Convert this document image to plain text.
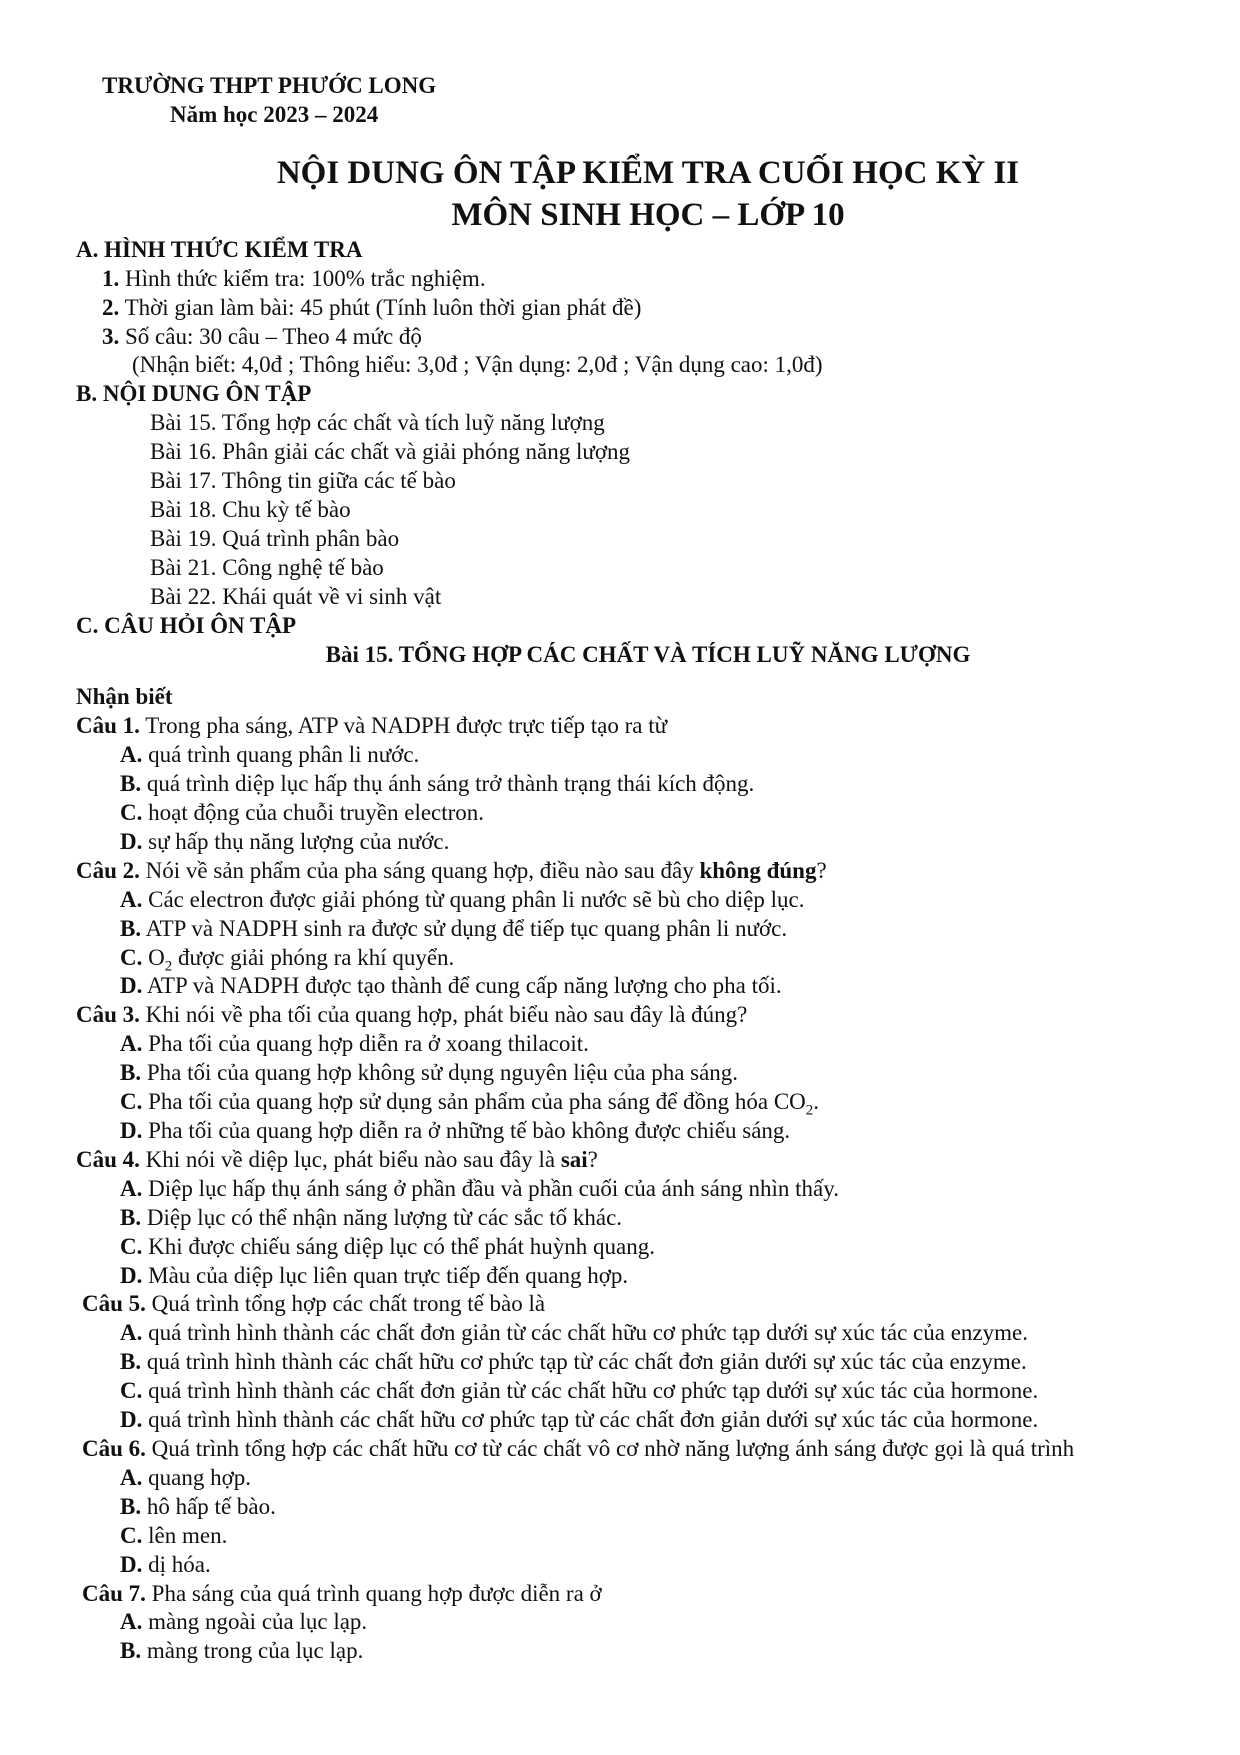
TRƯỜNG THPT PHƯỚC LONG
Năm học 2023 – 2024
NỘI DUNG ÔN TẬP KIỂM TRA CUỐI HỌC KỲ II
MÔN SINH HỌC – LỚP 10
A. HÌNH THỨC KIỂM TRA
1. Hình thức kiểm tra: 100% trắc nghiệm.
2. Thời gian làm bài: 45 phút (Tính luôn thời gian phát đề)
3. Số câu: 30 câu – Theo 4 mức độ
(Nhận biết: 4,0đ ; Thông hiểu: 3,0đ ; Vận dụng: 2,0đ ; Vận dụng cao: 1,0đ)
B. NỘI DUNG ÔN TẬP
Bài 15. Tổng hợp các chất và tích luỹ năng lượng
Bài 16. Phân giải các chất và giải phóng năng lượng
Bài 17. Thông tin giữa các tế bào
Bài 18. Chu kỳ tế bào
Bài 19. Quá trình phân bào
Bài 21. Công nghệ tế bào
Bài 22. Khái quát về vi sinh vật
C. CÂU HỎI ÔN TẬP
Bài 15. TỔNG HỢP CÁC CHẤT VÀ TÍCH LUỸ NĂNG LƯỢNG
Nhận biết
Câu 1. Trong pha sáng, ATP và NADPH được trực tiếp tạo ra từ
A. quá trình quang phân li nước.
B. quá trình diệp lục hấp thụ ánh sáng trở thành trạng thái kích động.
C. hoạt động của chuỗi truyền electron.
D. sự hấp thụ năng lượng của nước.
Câu 2. Nói về sản phẩm của pha sáng quang hợp, điều nào sau đây không đúng?
A. Các electron được giải phóng từ quang phân li nước sẽ bù cho diệp lục.
B. ATP và NADPH sinh ra được sử dụng để tiếp tục quang phân li nước.
C. $O_2$ được giải phóng ra khí quyển.
D. ATP và NADPH được tạo thành để cung cấp năng lượng cho pha tối.
Câu 3. Khi nói về pha tối của quang hợp, phát biểu nào sau đây là đúng?
A. Pha tối của quang hợp diễn ra ở xoang thilacoit.
B. Pha tối của quang hợp không sử dụng nguyên liệu của pha sáng.
C. Pha tối của quang hợp sử dụng sản phẩm của pha sáng để đồng hóa $CO_2$.
D. Pha tối của quang hợp diễn ra ở những tế bào không được chiếu sáng.
Câu 4. Khi nói về diệp lục, phát biểu nào sau đây là sai?
A. Diệp lục hấp thụ ánh sáng ở phần đầu và phần cuối của ánh sáng nhìn thấy.
B. Diệp lục có thể nhận năng lượng từ các sắc tố khác.
C. Khi được chiếu sáng diệp lục có thể phát huỳnh quang.
D. Màu của diệp lục liên quan trực tiếp đến quang hợp.
Câu 5. Quá trình tổng hợp các chất trong tế bào là
A. quá trình hình thành các chất đơn giản từ các chất hữu cơ phức tạp dưới sự xúc tác của enzyme.
B. quá trình hình thành các chất hữu cơ phức tạp từ các chất đơn giản dưới sự xúc tác của enzyme.
C. quá trình hình thành các chất đơn giản từ các chất hữu cơ phức tạp dưới sự xúc tác của hormone.
D. quá trình hình thành các chất hữu cơ phức tạp từ các chất đơn giản dưới sự xúc tác của hormone.
Câu 6. Quá trình tổng hợp các chất hữu cơ từ các chất vô cơ nhờ năng lượng ánh sáng được gọi là quá trình
A. quang hợp.
B. hô hấp tế bào.
C. lên men.
D. dị hóa.
Câu 7. Pha sáng của quá trình quang hợp được diễn ra ở
A. màng ngoài của lục lạp.
B. màng trong của lục lạp.
